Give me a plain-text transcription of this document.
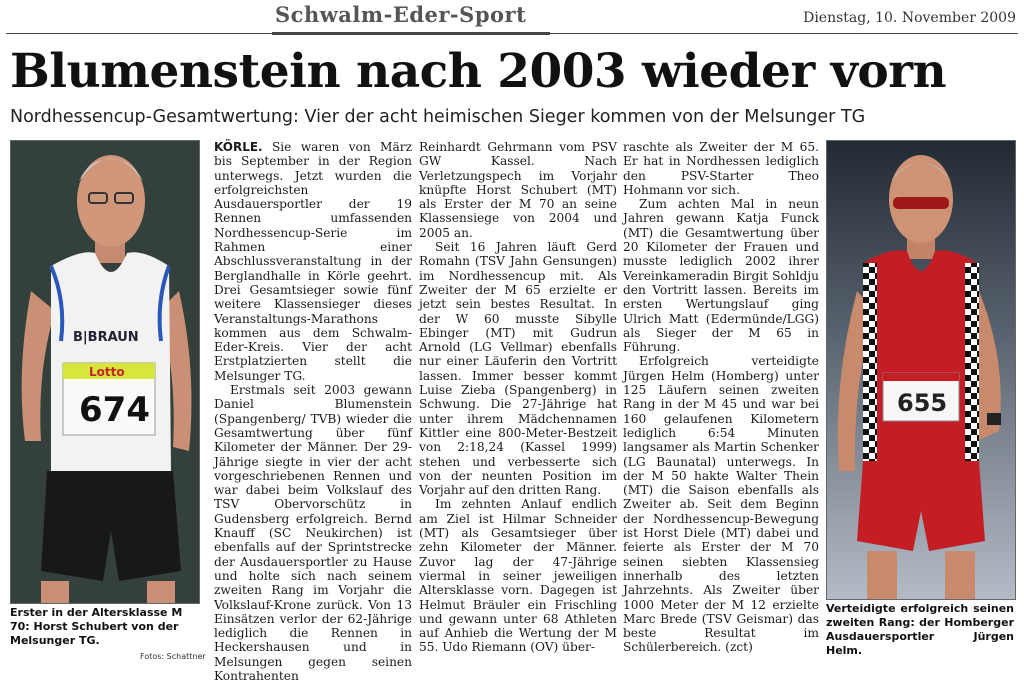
Schwalm-Eder-Sport	Dienstag, 10. November 2009
Blumenstein nach 2003 wieder vorn
Nordhessencup-Gesamtwertung: Vier der acht heimischen Sieger kommen von der Melsunger TG
B|BRAUN
Lotto
674
Erster in der Altersklasse M 70: Horst Schubert von der Melsunger TG.
Fotos: Schattner

KÖRLE. Sie waren von März bis September in der Region unterwegs. Jetzt wurden die erfolgreichsten Ausdauersportler der 19 Rennen umfassenden Nordhessencup-Serie im Rahmen einer Abschlussveranstaltung in der Berglandhalle in Körle geehrt. Drei Gesamtsieger sowie fünf weitere Klassensieger dieses Veranstaltungs-Marathons kommen aus dem Schwalm-Eder-Kreis. Vier der acht Erstplatzierten stellt die Melsunger TG.

Erstmals seit 2003 gewann Daniel Blumenstein (Spangenberg/ TVB) wieder die Gesamtwertung über fünf Kilometer der Männer. Der 29-Jährige siegte in vier der acht vorgeschriebenen Rennen und war dabei beim Volkslauf des TSV Obervorschütz in Gudensberg erfolgreich. Bernd Knauff (SC Neukirchen) ist ebenfalls auf der Sprintstrecke der Ausdauersportler zu Hause und holte sich nach seinem zweiten Rang im Vorjahr die Volkslauf-Krone zurück. Von 13 Einsätzen verlor der 62-Jährige lediglich die Rennen in Heckershausen und in Melsungen gegen seinen Kontrahenten

Reinhardt Gehrmann vom PSV GW Kassel. Nach Verletzungspech im Vorjahr knüpfte Horst Schubert (MT) als Erster der M 70 an seine Klassensiege von 2004 und 2005 an.

Seit 16 Jahren läuft Gerd Romahn (TSV Jahn Gensungen) im Nordhessencup mit. Als Zweiter der M 65 erzielte er jetzt sein bestes Resultat. In der W 60 musste Sibylle Ebinger (MT) mit Gudrun Arnold (LG Vellmar) ebenfalls nur einer Läuferin den Vortritt lassen. Immer besser kommt Luise Zieba (Spangenberg) in Schwung. Die 27-Jährige hat unter ihrem Mädchennamen Kittler eine 800-Meter-Bestzeit von 2:18,24 (Kassel 1999) stehen und verbesserte sich von der neunten Position im Vorjahr auf den dritten Rang.

Im zehnten Anlauf endlich am Ziel ist Hilmar Schneider (MT) als Gesamtsieger über zehn Kilometer der Männer. Zuvor lag der 47-Jährige viermal in seiner jeweiligen Altersklasse vorn. Dagegen ist Helmut Bräuler ein Frischling und gewann unter 68 Athleten auf Anhieb die Wertung der M 55. Udo Riemann (OV) über-

raschte als Zweiter der M 65. Er hat in Nordhessen lediglich den PSV-Starter Theo Hohmann vor sich.

Zum achten Mal in neun Jahren gewann Katja Funck (MT) die Gesamtwertung über 20 Kilometer der Frauen und musste lediglich 2002 ihrer Vereinkameradin Birgit Sohldju den Vortritt lassen. Bereits im ersten Wertungslauf ging Ulrich Matt (Edermünde/LGG) als Sieger der M 65 in Führung.

Erfolgreich verteidigte Jürgen Helm (Homberg) unter 125 Läufern seinen zweiten Rang in der M 45 und war bei 160 gelaufenen Kilometern lediglich 6:54 Minuten langsamer als Martin Schenker (LG Baunatal) unterwegs. In der M 50 hakte Walter Thein (MT) die Saison ebenfalls als Zweiter ab. Seit dem Beginn der Nordhessencup-Bewegung ist Horst Diele (MT) dabei und feierte als Erster der M 70 seinen siebten Klassensieg innerhalb des letzten Jahrzehnts. Als Zweiter über 1000 Meter der M 12 erzielte Marc Brede (TSV Geismar) das beste Resultat im Schülerbereich. (zct)

655
Verteidigte erfolgreich seinen zweiten Rang: der Homberger Ausdauersportler Jürgen Helm.
